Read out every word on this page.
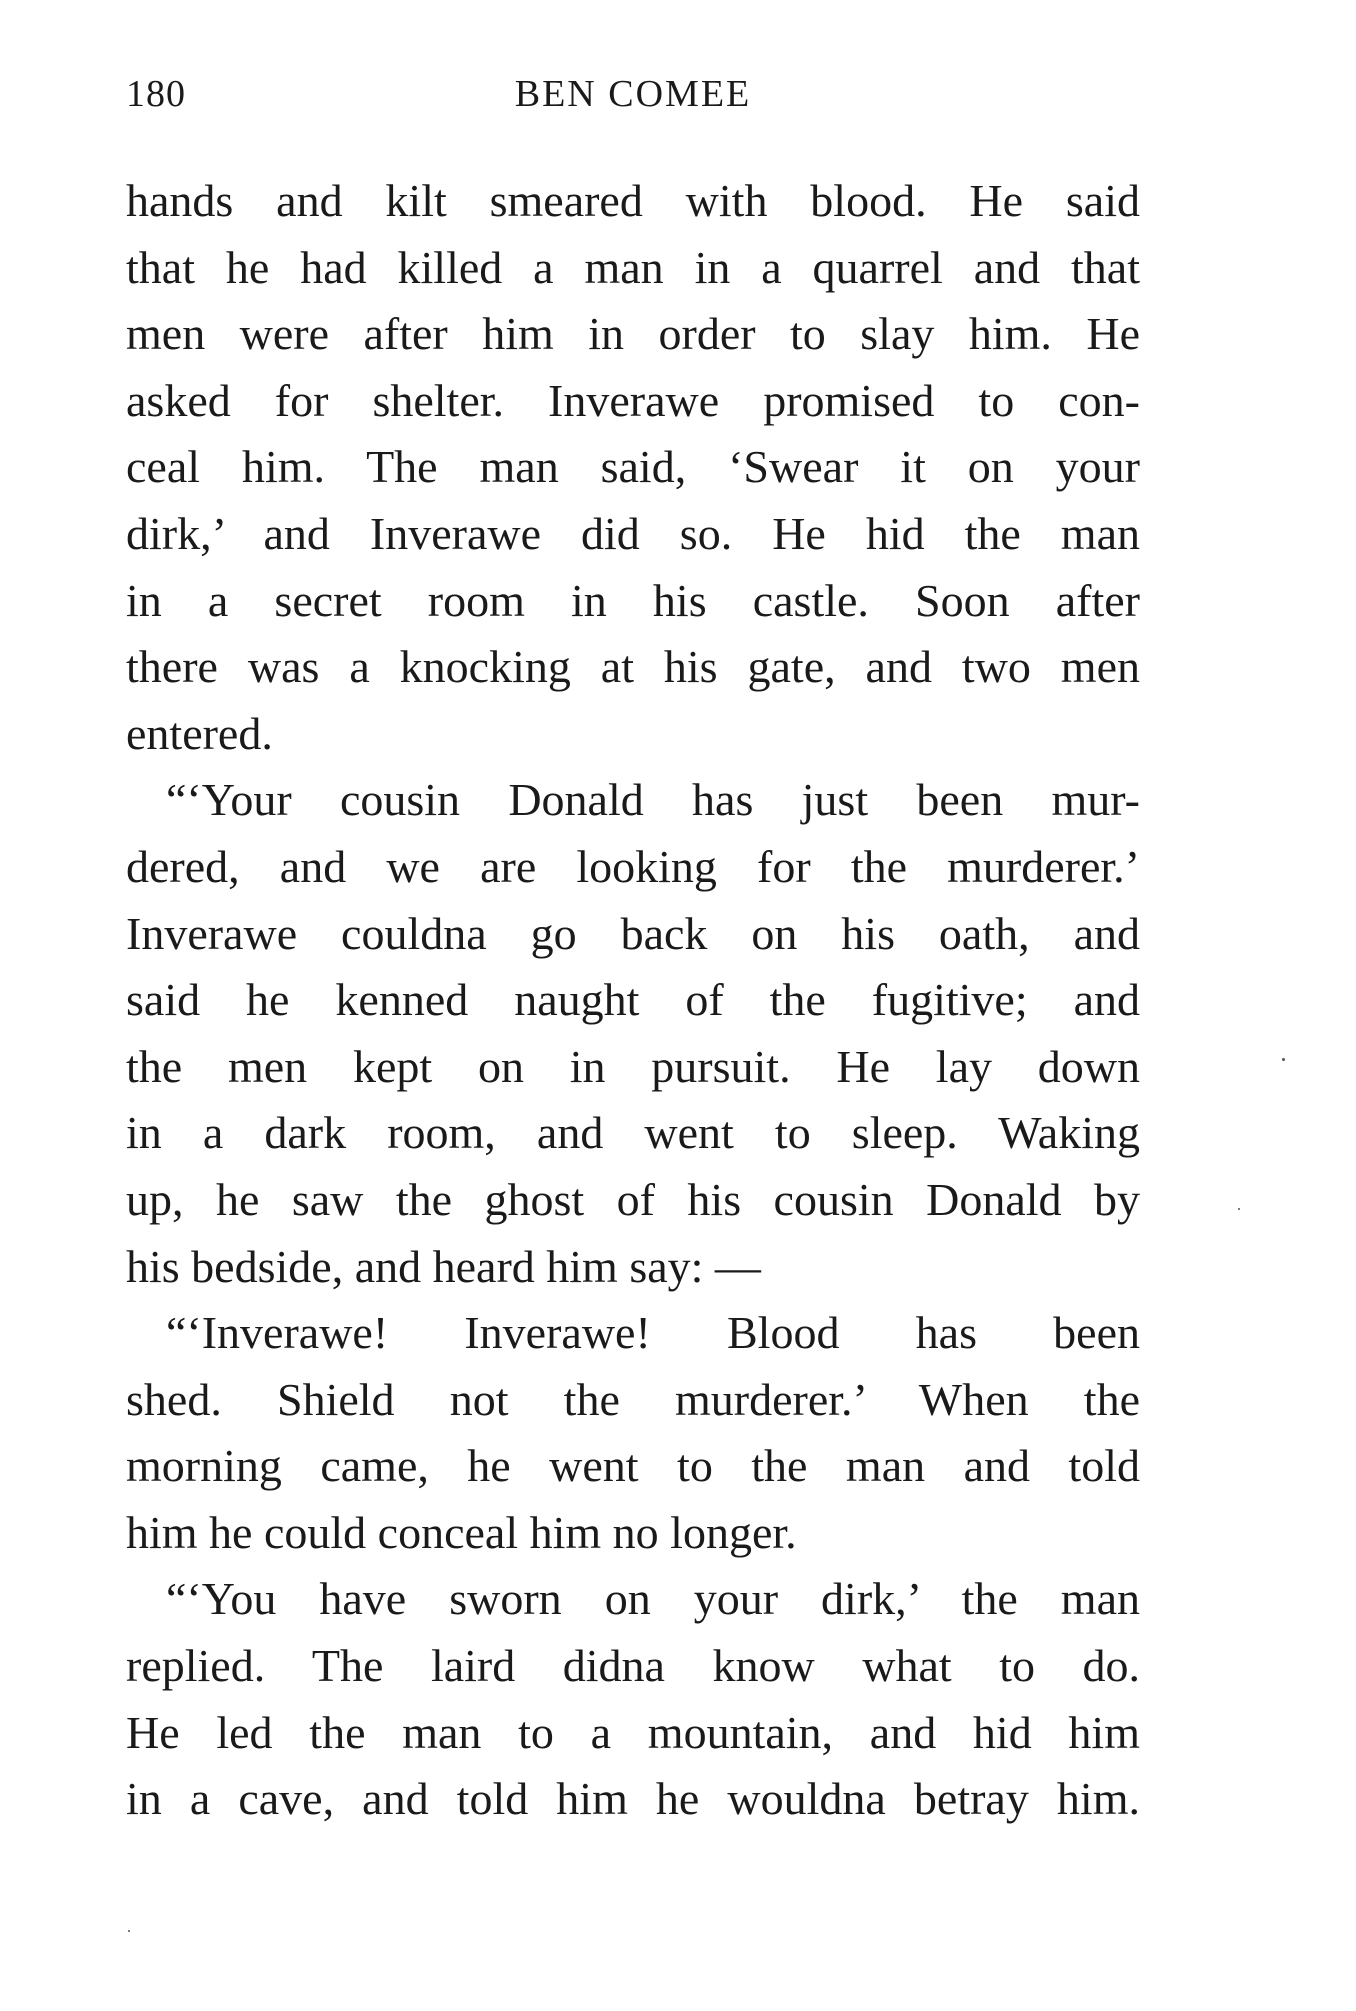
180	BEN COMEE
hands and kilt smeared with blood. He said
that he had killed a man in a quarrel and that
men were after him in order to slay him. He
asked for shelter. Inverawe promised to con-
ceal him. The man said, ‘Swear it on your
dirk,’ and Inverawe did so. He hid the man
in a secret room in his castle. Soon after
there was a knocking at his gate, and two men
entered.
“‘Your cousin Donald has just been mur-
dered, and we are looking for the murderer.’
Inverawe couldna go back on his oath, and
said he kenned naught of the fugitive; and
the men kept on in pursuit. He lay down
in a dark room, and went to sleep. Waking
up, he saw the ghost of his cousin Donald by
his bedside, and heard him say: —
“‘Inverawe! Inverawe! Blood has been
shed. Shield not the murderer.’ When the
morning came, he went to the man and told
him he could conceal him no longer.
“‘You have sworn on your dirk,’ the man
replied. The laird didna know what to do.
He led the man to a mountain, and hid him
in a cave, and told him he wouldna betray him.
